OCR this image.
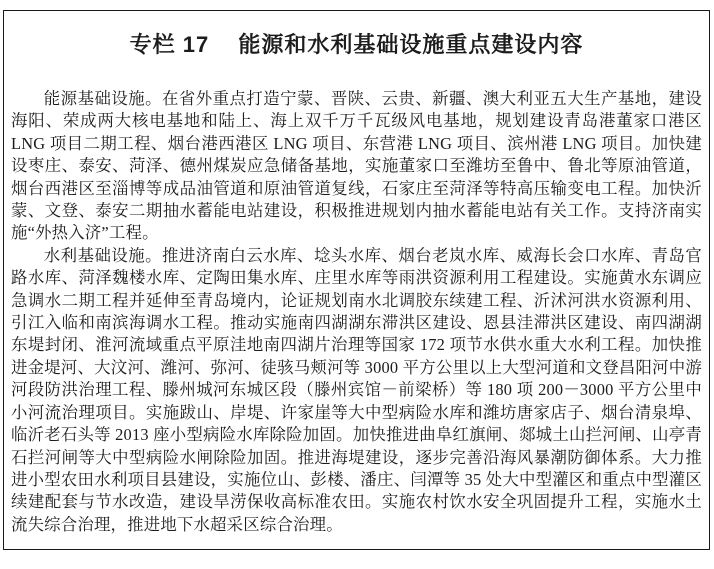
专栏 17 能源和水利基础设施重点建设内容

能源基础设施。在省外重点打造宁蒙、晋陕、云贵、新疆、澳大利亚五大生产基地，建设海阳、荣成两大核电基地和陆上、海上双千万千瓦级风电基地，规划建设青岛港董家口港区 LNG 项目二期工程、烟台港西港区 LNG 项目、东营港 LNG 项目、滨州港 LNG 项目。加快建设枣庄、泰安、菏泽、德州煤炭应急储备基地，实施董家口至潍坊至鲁中、鲁北等原油管道，烟台西港区至淄博等成品油管道和原油管道复线，石家庄至菏泽等特高压输变电工程。加快沂蒙、文登、泰安二期抽水蓄能电站建设，积极推进规划内抽水蓄能电站有关工作。支持济南实施“外热入济”工程。

水利基础设施。推进济南白云水库、埝头水库、烟台老岚水库、威海长会口水库、青岛官路水库、菏泽魏楼水库、定陶田集水库、庄里水库等雨洪资源利用工程建设。实施黄水东调应急调水二期工程并延伸至青岛境内，论证规划南水北调胶东续建工程、沂沭河洪水资源利用、引江入临和南滨海调水工程。推动实施南四湖湖东滞洪区建设、恩县洼滞洪区建设、南四湖湖东堤封闭、淮河流域重点平原洼地南四湖片治理等国家 172 项节水供水重大水利工程。加快推进金堤河、大汶河、潍河、弥河、徒骇马颊河等 3000 平方公里以上大型河道和文登昌阳河中游河段防洪治理工程、滕州城河东城区段（滕州宾馆－前梁桥）等 180 项 200－3000 平方公里中小河流治理项目。实施跋山、岸堤、许家崖等大中型病险水库和潍坊唐家店子、烟台清泉埠、临沂老石头等 2013 座小型病险水库除险加固。加快推进曲阜红旗闸、郯城土山拦河闸、山亭青石拦河闸等大中型病险水闸除险加固。推进海堤建设，逐步完善沿海风暴潮防御体系。大力推进小型农田水利项目县建设，实施位山、彭楼、潘庄、闫潭等 35 处大中型灌区和重点中型灌区续建配套与节水改造，建设旱涝保收高标准农田。实施农村饮水安全巩固提升工程，实施水土流失综合治理，推进地下水超采区综合治理。
